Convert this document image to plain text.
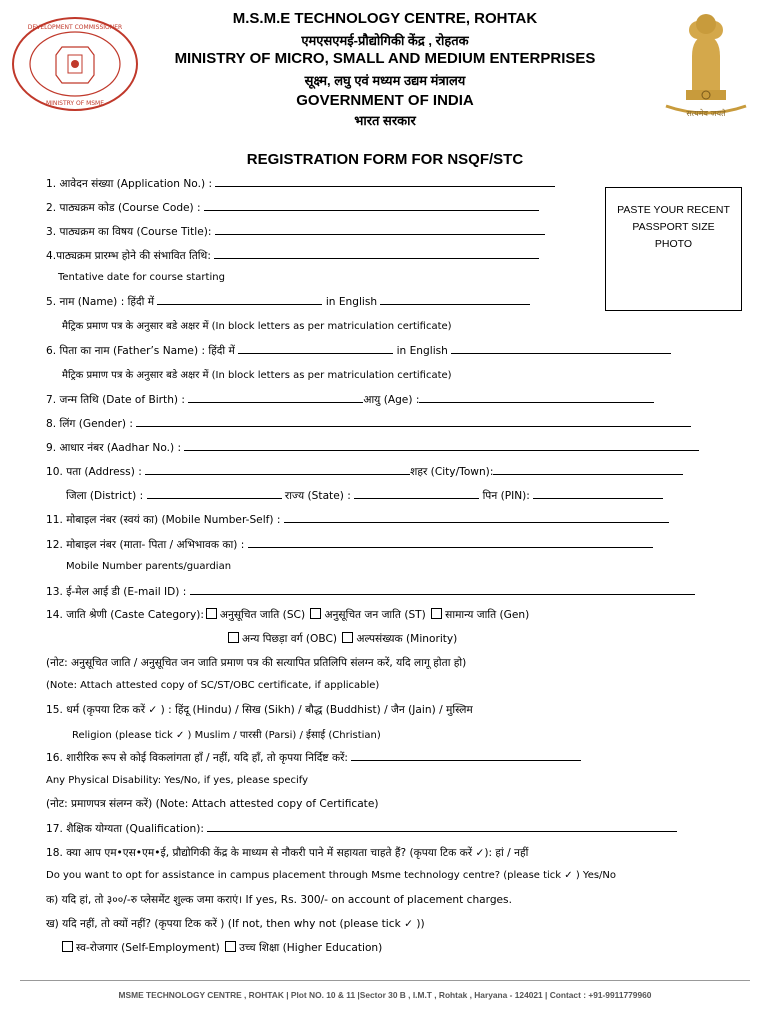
DEVELOPMENT COMMISSIONER
MINISTRY OF MSME
सत्यमेव जयते
M.S.M.E TECHNOLOGY CENTRE, ROHTAK
एमएसएमई-प्रौद्योगिकी केंद्र , रोहतक
MINISTRY OF MICRO, SMALL AND MEDIUM ENTERPRISES
सूक्ष्म, लघु एवं मध्यम उद्यम मंत्रालय
GOVERNMENT OF INDIA
भारत सरकार
REGISTRATION FORM FOR NSQF/STC
PASTE YOUR RECENT
PASSPORT SIZE
PHOTO
1. आवेदन संख्या (Application No.) :
2. पाठ्यक्रम कोड (Course Code) :
3. पाठ्यक्रम का विषय (Course Title):
4.पाठ्यक्रम प्रारम्भ होने की संभावित तिथि:
Tentative date for course starting
5. नाम (Name) : हिंदी में	in English
मैट्रिक प्रमाण पत्र के अनुसार बडे अक्षर में (In block letters as per matriculation certificate)
6. पिता का नाम (Father’s Name) : हिंदी में	in English
मैट्रिक प्रमाण पत्र के अनुसार बडे अक्षर में (In block letters as per matriculation certificate)
7. जन्म तिथि (Date of Birth) :	आयु (Age) :
8. लिंग (Gender) :
9. आधार नंबर (Aadhar No.) :
10. पता (Address) :	शहर (City/Town):
जिला (District) :	राज्य (State) :	पिन (PIN):
11. मोबाइल नंबर (स्वयं का) (Mobile Number-Self) :
12. मोबाइल नंबर (माता- पिता / अभिभावक का) :
Mobile Number parents/guardian
13. ई-मेल आई डी (E-mail ID) :
14. जाति श्रेणी (Caste Category): अनुसूचित जाति (SC) अनुसूचित जन जाति (ST) सामान्य जाति (Gen)
अन्य पिछड़ा वर्ग (OBC) अल्पसंख्यक (Minority)
(नोट: अनुसूचित जाति / अनुसूचित जन जाति प्रमाण पत्र की सत्यापित प्रतिलिपि संलग्न करें, यदि लागू होता हो)
(Note: Attach attested copy of SC/ST/OBC certificate, if applicable)
15. धर्म (कृपया टिक करें ✓ ) : हिंदू (Hindu) / सिख (Sikh) / बौद्ध (Buddhist) / जैन (Jain) / मुस्लिम
Religion (please tick ✓ ) Muslim / पारसी (Parsi) / ईसाई (Christian)
16. शारीरिक रूप से कोई विकलांगता हाँ / नहीं, यदि हाँ, तो कृपया निर्दिष्ट करें:
Any Physical Disability: Yes/No, if yes, please specify
(नोट: प्रमाणपत्र संलग्न करें) (Note: Attach attested copy of Certificate)
17. शैक्षिक योग्यता (Qualification):
18. क्या आप एम•एस•एम•ई, प्रौद्योगिकी केंद्र के माध्यम से नौकरी पाने में सहायता चाहते हैं? (कृपया टिक करें ✓): हां / नहीं
Do you want to opt for assistance in campus placement through Msme technology centre? (please tick ✓ ) Yes/No
क) यदि हां, तो ३००/-रु प्लेसमेंट शुल्क जमा कराएं। If yes, Rs. 300/- on account of placement charges.
ख) यदि नहीं, तो क्यों नहीं? (कृपया टिक करें ) (If not, then why not (please tick ✓ ))
स्व-रोजगार (Self-Employment) उच्च शिक्षा (Higher Education)
MSME TECHNOLOGY CENTRE , ROHTAK | Plot NO. 10 & 11 |Sector 30 B , I.M.T , Rohtak , Haryana - 124021 | Contact : +91-9911779960
